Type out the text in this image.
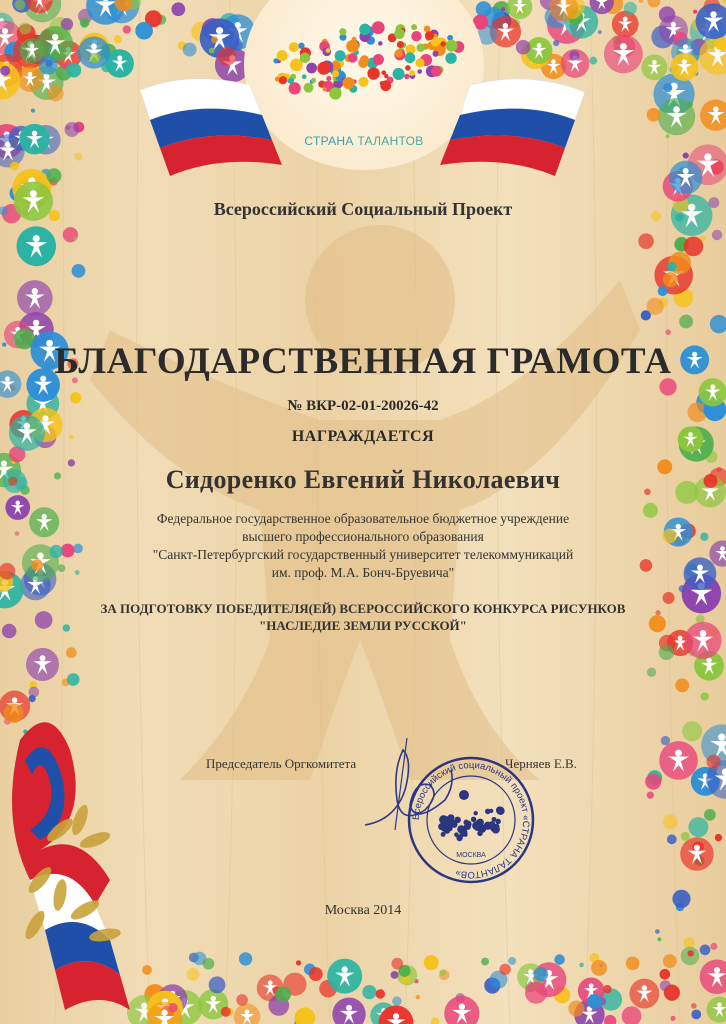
СТРАНА ТАЛАНТОВ
Всероссийский Социальный Проект
БЛАГОДАРСТВЕННАЯ ГРАМОТА
№ ВКР-02-01-20026-42
НАГРАЖДАЕТСЯ
Сидоренко Евгений Николаевич
Федеральное государственное образовательное бюджетное учреждение
высшего профессионального образования
"Санкт-Петербургский государственный университет телекоммуникаций
им. проф. М.А. Бонч-Бруевича"
ЗА ПОДГОТОВКУ ПОБЕДИТЕЛЯ(ЕЙ) ВСЕРОССИЙСКОГО КОНКУРСА РИСУНКОВ
"НАСЛЕДИЕ ЗЕМЛИ РУССКОЙ"
Председатель Оргкомитета	Черняев Е.В.
Всероссийский социальный проект «СТРАНА ТАЛАНТОВ»
МОСКВА
Москва 2014
